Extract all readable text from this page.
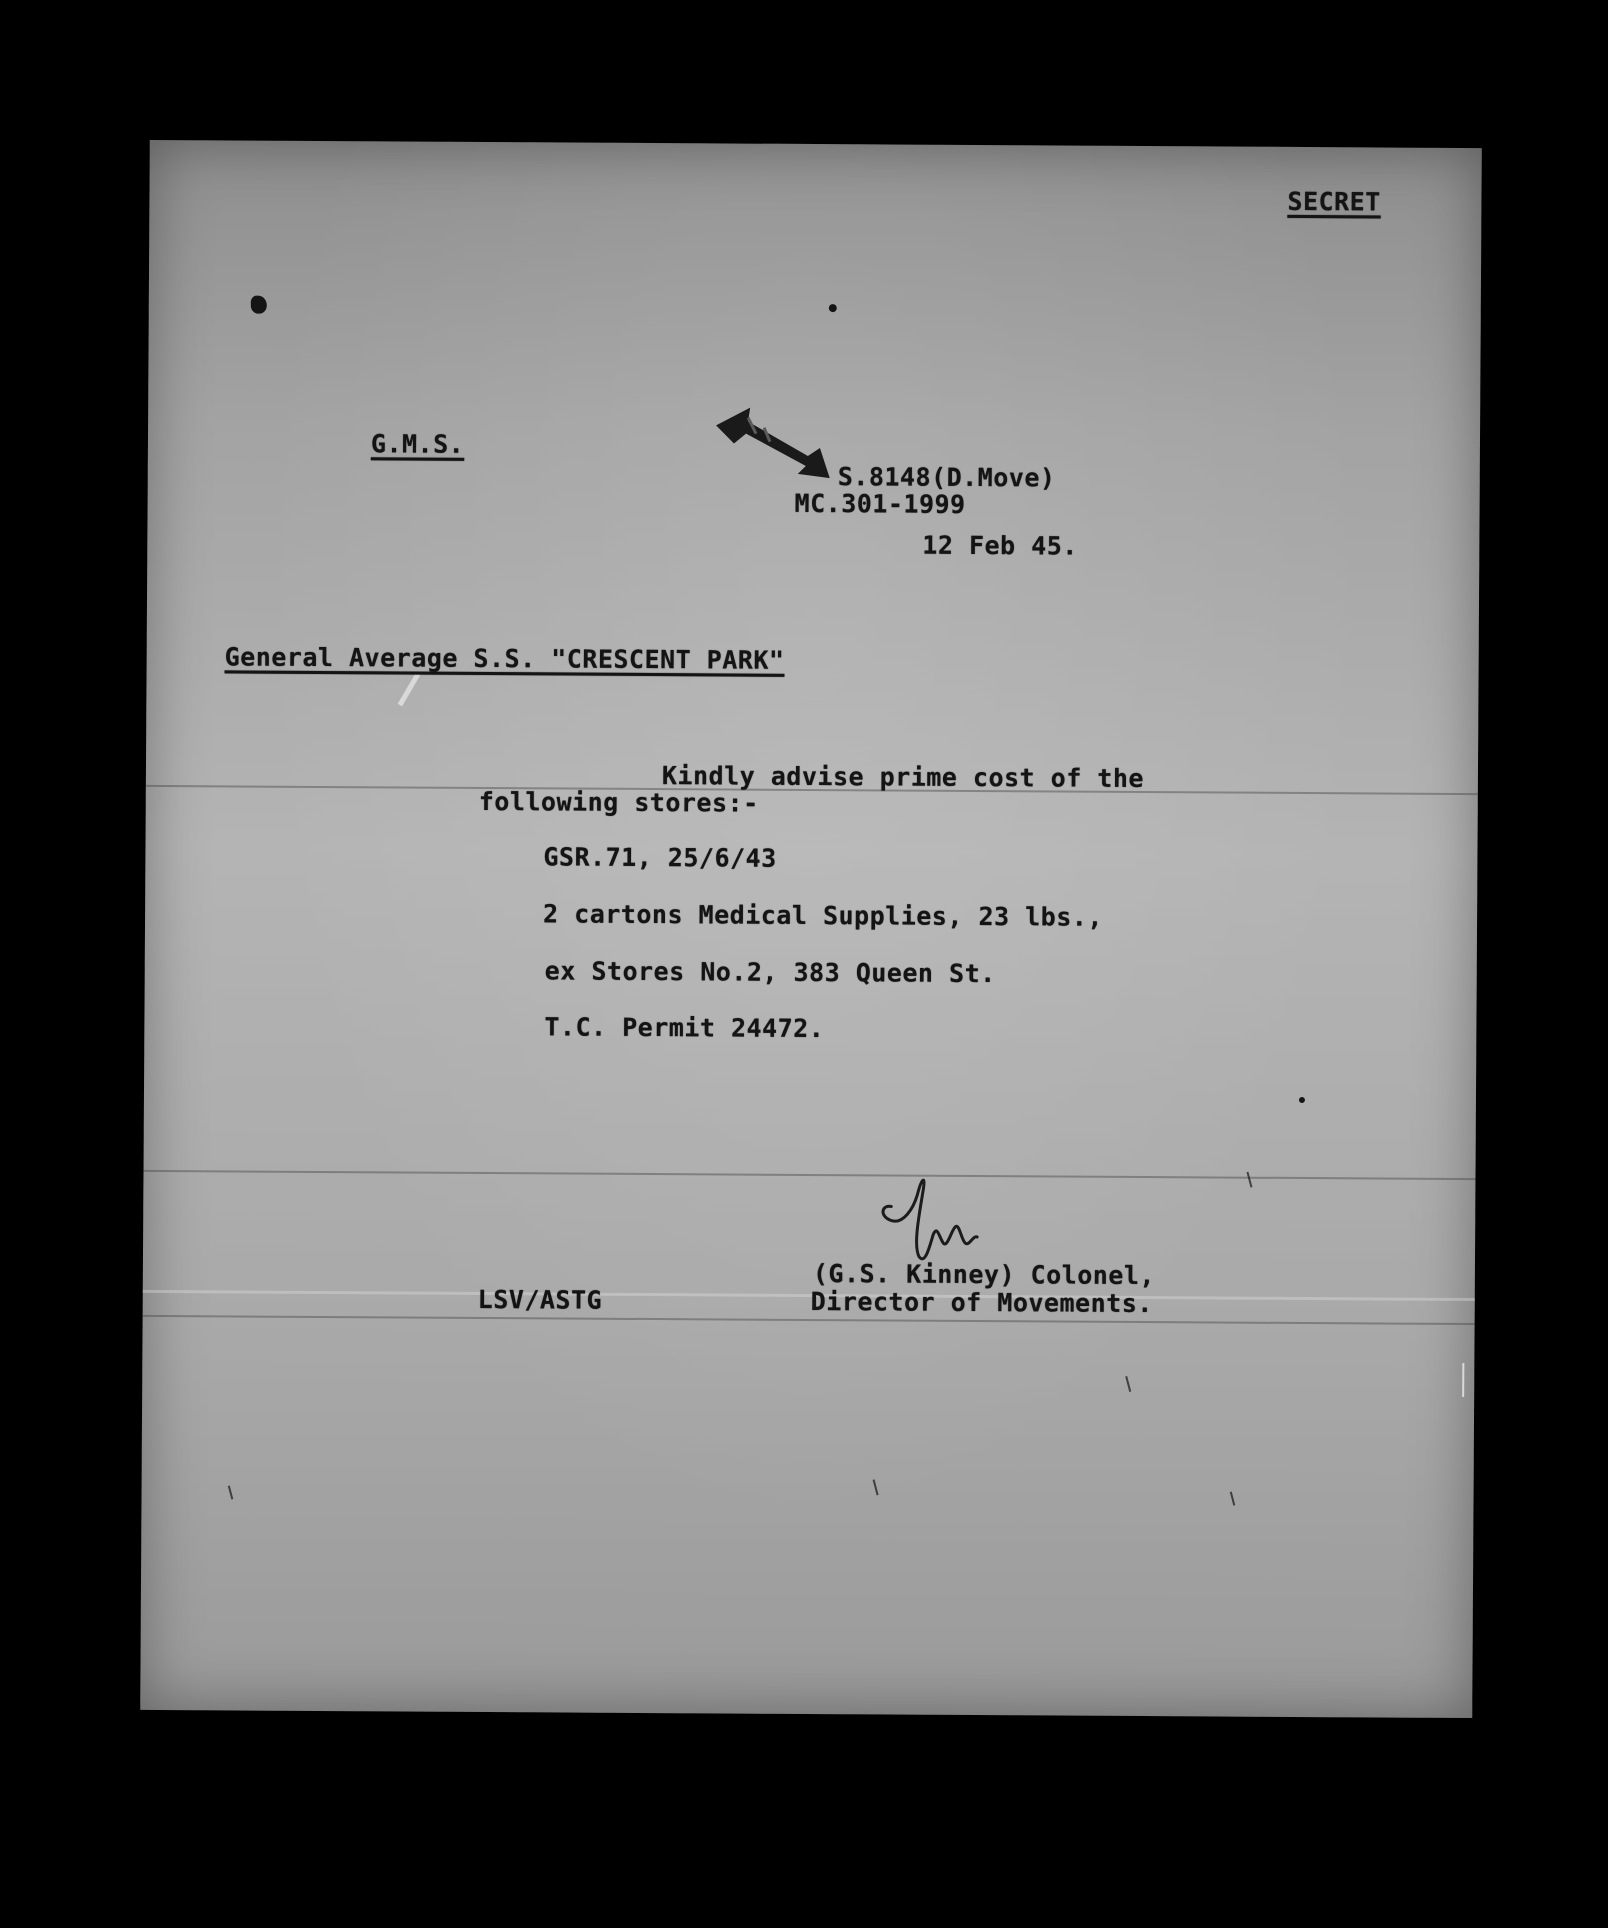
SECRET
G.M.S.
S.8148(D.Move)
MC.301-1999
12 Feb 45.
General Average S.S. "CRESCENT PARK"
Kindly advise prime cost of the
following stores:-
GSR.71, 25/6/43
2 cartons Medical Supplies, 23 lbs.,
ex Stores No.2, 383 Queen St.
T.C. Permit 24472.
LSV/ASTG
(G.S. Kinney) Colonel,
Director of Movements.
